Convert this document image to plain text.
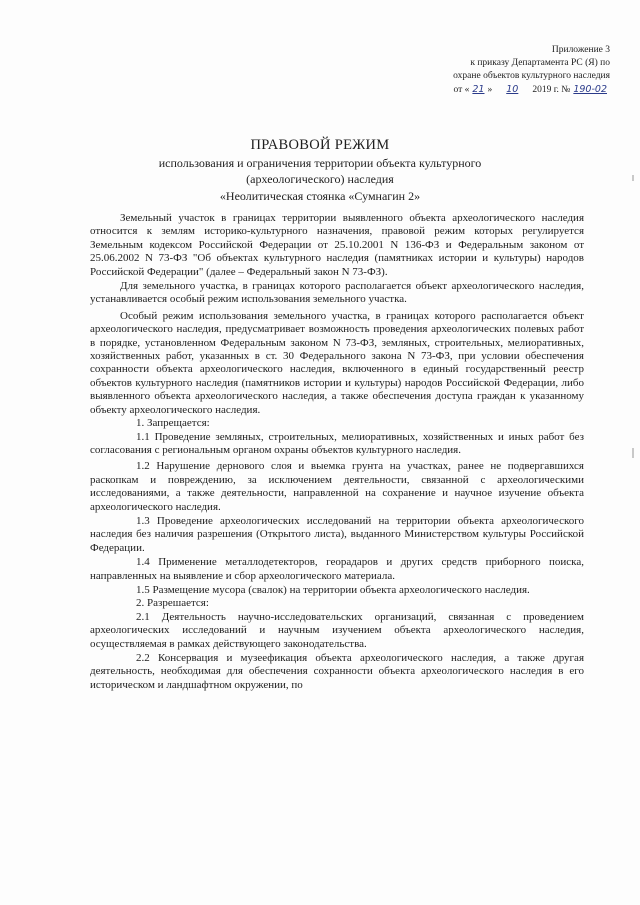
Приложение 3
к приказу Департамента РС (Я) по
охране объектов культурного наследия
от « 21 » 10 2019 г. № 190-02
ПРАВОВОЙ РЕЖИМ
использования и ограничения территории объекта культурного (археологического) наследия
«Неолитическая стоянка «Сумнагин 2»

Земельный участок в границах территории выявленного объекта археологического наследия относится к землям историко-культурного назначения, правовой режим которых регулируется Земельным кодексом Российской Федерации от 25.10.2001 N 136-ФЗ и Федеральным законом от 25.06.2002 N 73-ФЗ "Об объектах культурного наследия (памятниках истории и культуры) народов Российской Федерации" (далее – Федеральный закон N 73-ФЗ).

Для земельного участка, в границах которого располагается объект археологического наследия, устанавливается особый режим использования земельного участка.

Особый режим использования земельного участка, в границах которого располагается объект археологического наследия, предусматривает возможность проведения археологических полевых работ в порядке, установленном Федеральным законом N 73-ФЗ, земляных, строительных, мелиоративных, хозяйственных работ, указанных в ст. 30 Федерального закона N 73-ФЗ, при условии обеспечения сохранности объекта археологического наследия, включенного в единый государственный реестр объектов культурного наследия (памятников истории и культуры) народов Российской Федерации, либо выявленного объекта археологического наследия, а также обеспечения доступа граждан к указанному объекту археологического наследия.

1. Запрещается:

1.1 Проведение земляных, строительных, мелиоративных, хозяйственных и иных работ без согласования с региональным органом охраны объектов культурного наследия.

1.2 Нарушение дернового слоя и выемка грунта на участках, ранее не подвергавшихся раскопкам и повреждению, за исключением деятельности, связанной с археологическими исследованиями, а также деятельности, направленной на сохранение и научное изучение объекта археологического наследия.

1.3 Проведение археологических исследований на территории объекта археологического наследия без наличия разрешения (Открытого листа), выданного Министерством культуры Российской Федерации.

1.4 Применение металлодетекторов, георадаров и других средств приборного поиска, направленных на выявление и сбор археологического материала.

1.5 Размещение мусора (свалок) на территории объекта археологического наследия.

2. Разрешается:

2.1 Деятельность научно-исследовательских организаций, связанная с проведением археологических исследований и научным изучением объекта археологического наследия, осуществляемая в рамках действующего законодательства.

2.2 Консервация и музеефикация объекта археологического наследия, а также другая деятельность, необходимая для обеспечения сохранности объекта археологического наследия в его историческом и ландшафтном окружении, по
